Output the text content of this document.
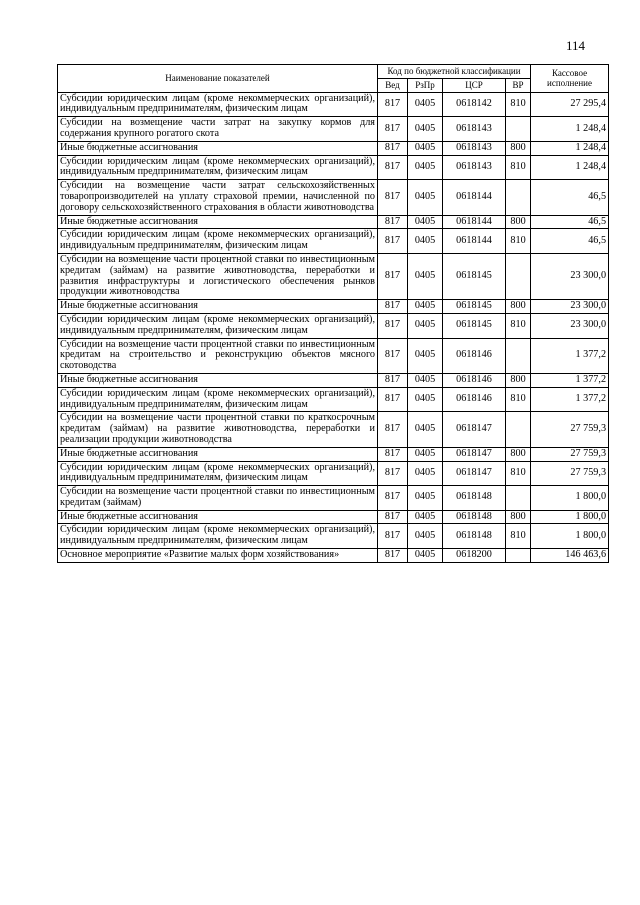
114
Наименование показателей	Код по бюджетной классификации				Кассовое исполнение
	Вед	РзПр	ЦСР	ВР	
Субсидии юридическим лицам (кроме некоммерческих организаций), индивидуальным предпринимателям, физическим лицам	817	0405	0618142	810	27 295,4
Субсидии на возмещение части затрат на закупку кормов для содержания крупного рогатого скота	817	0405	0618143		1 248,4
Иные бюджетные ассигнования	817	0405	0618143	800	1 248,4
Субсидии юридическим лицам (кроме некоммерческих организаций), индивидуальным предпринимателям, физическим лицам	817	0405	0618143	810	1 248,4
Субсидии на возмещение части затрат сельскохозяйственных товаропроизводителей на уплату страховой премии, начисленной по договору сельскохозяйственного страхования в области животноводства	817	0405	0618144		46,5
Иные бюджетные ассигнования	817	0405	0618144	800	46,5
Субсидии юридическим лицам (кроме некоммерческих организаций), индивидуальным предпринимателям, физическим лицам	817	0405	0618144	810	46,5
Субсидии на возмещение части процентной ставки по инвестиционным кредитам (займам) на развитие животноводства, переработки и развития инфраструктуры и логистического обеспечения рынков продукции животноводства	817	0405	0618145		23 300,0
Иные бюджетные ассигнования	817	0405	0618145	800	23 300,0
Субсидии юридическим лицам (кроме некоммерческих организаций), индивидуальным предпринимателям, физическим лицам	817	0405	0618145	810	23 300,0
Субсидии на возмещение части процентной ставки по инвестиционным кредитам на строительство и реконструкцию объектов мясного скотоводства	817	0405	0618146		1 377,2
Иные бюджетные ассигнования	817	0405	0618146	800	1 377,2
Субсидии юридическим лицам (кроме некоммерческих организаций), индивидуальным предпринимателям, физическим лицам	817	0405	0618146	810	1 377,2
Субсидии на возмещение части процентной ставки по краткосрочным кредитам (займам) на развитие животноводства, переработки и реализации продукции животноводства	817	0405	0618147		27 759,3
Иные бюджетные ассигнования	817	0405	0618147	800	27 759,3
Субсидии юридическим лицам (кроме некоммерческих организаций), индивидуальным предпринимателям, физическим лицам	817	0405	0618147	810	27 759,3
Субсидии на возмещение части процентной ставки по инвестиционным кредитам (займам)	817	0405	0618148		1 800,0
Иные бюджетные ассигнования	817	0405	0618148	800	1 800,0
Субсидии юридическим лицам (кроме некоммерческих организаций), индивидуальным предпринимателям, физическим лицам	817	0405	0618148	810	1 800,0
Основное мероприятие «Развитие малых форм хозяйствования»	817	0405	0618200		146 463,6
